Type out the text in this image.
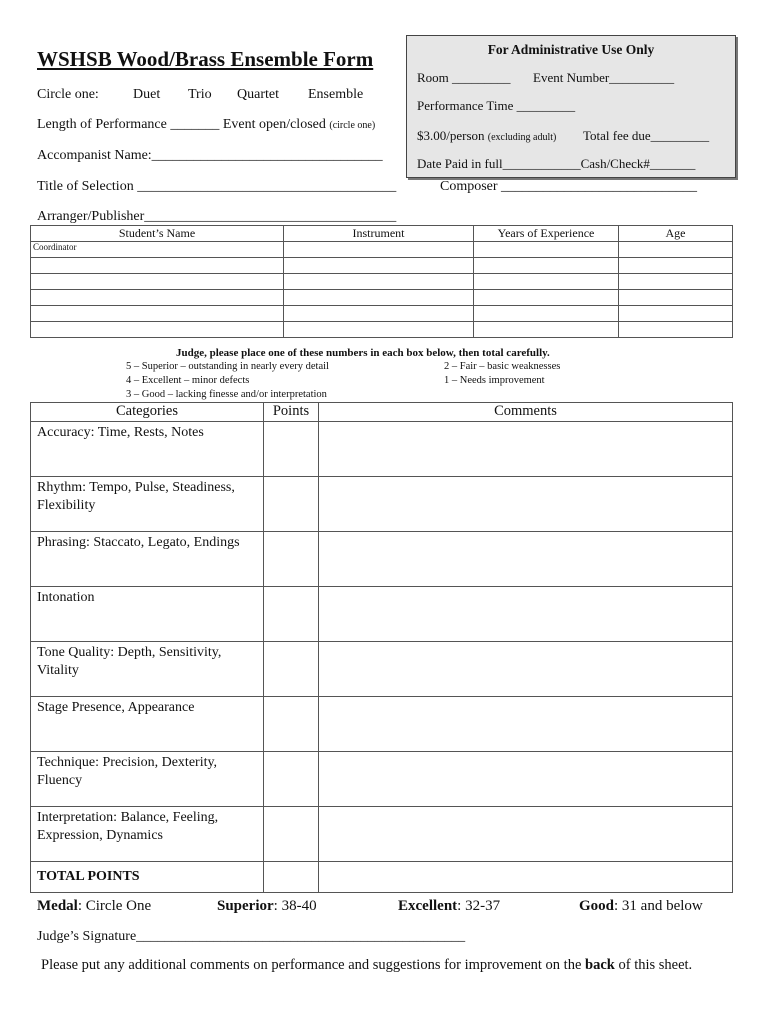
WSHSB Wood/Brass Ensemble Form
Circle one: Duet Trio Quartet Ensemble
Length of Performance _______ Event open/closed (circle one)
Accompanist Name:_________________________________
For Administrative Use Only
Room _________ Event Number__________
Performance Time _________
$3.00/person (excluding adult) Total fee due_________
Date Paid in full____________Cash/Check#_______
Title of Selection _____________________________________	Composer ____________________________
Arranger/Publisher____________________________________
Student’s Name	Instrument	Years of Experience	Age
Coordinator			

Judge, please place one of these numbers in each box below, then total carefully.
5 – Superior – outstanding in nearly every detail
4 – Excellent – minor defects
3 – Good – lacking finesse and/or interpretation
2 – Fair – basic weaknesses
1 – Needs improvement
Categories	Points	Comments
Accuracy: Time, Rests, Notes		
Rhythm: Tempo, Pulse, Steadiness, Flexibility		
Phrasing: Staccato, Legato, Endings		
Intonation		
Tone Quality: Depth, Sensitivity, Vitality		
Stage Presence, Appearance		
Technique: Precision, Dexterity, Fluency		
Interpretation: Balance, Feeling, Expression, Dynamics		
TOTAL POINTS		
Medal: Circle One	Superior: 38-40	Excellent: 32-37	Good: 31 and below
Judge’s Signature_______________________________________________
Please put any additional comments on performance and suggestions for improvement on the back of this sheet.
